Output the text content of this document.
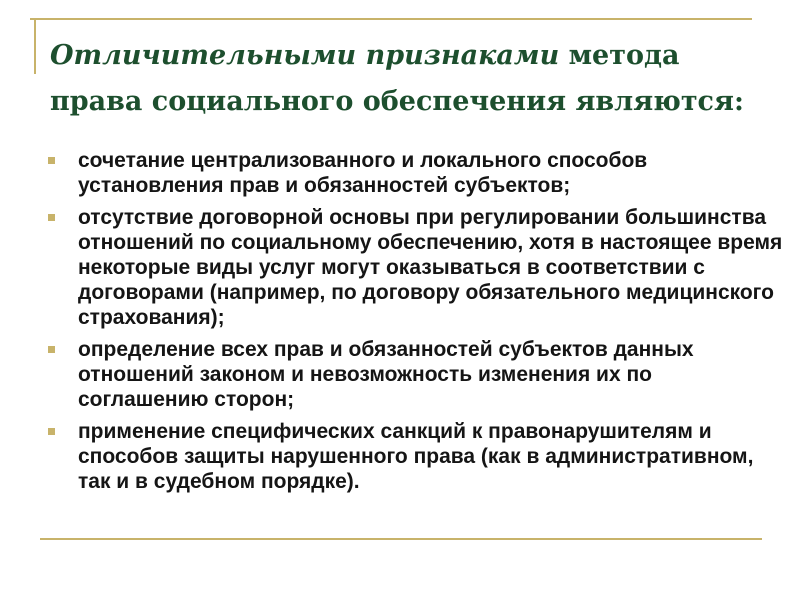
Отличительными признаками метода права социального обеспечения являются:
сочетание централизованного и локального способов установления прав и обязанностей субъектов;
отсутствие договорной основы при регулировании большинства отношений по социальному обеспечению, хотя в настоящее время некоторые виды услуг могут оказываться в соответствии с договорами (например, по договору обязательного медицинского страхования);
определение всех прав и обязанностей субъектов данных отношений законом и невозможность изменения их по соглашению сторон;
применение специфических санкций к правонарушителям и способов защиты нарушенного права (как в административном, так и в судебном порядке).
